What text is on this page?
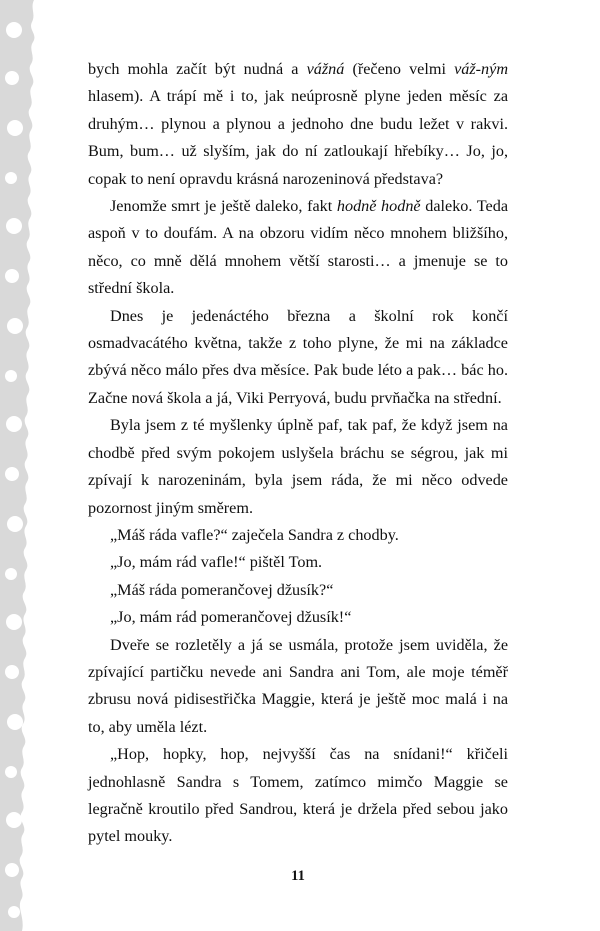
bych mohla začít být nudná a vážná (řečeno velmi váž-ným hlasem). A trápí mě i to, jak neúprosně plyne jeden měsíc za druhým… plynou a plynou a jednoho dne budu ležet v rakvi. Bum, bum… už slyším, jak do ní zatloukají hřebíky… Jo, jo, copak to není opravdu krásná narozeninová představa?

Jenomže smrt je ještě daleko, fakt hodně hodně daleko. Teda aspoň v to doufám. A na obzoru vidím něco mnohem bližšího, něco, co mně dělá mnohem větší starosti… a jmenuje se to střední škola.

Dnes je jedenáctého března a školní rok končí osmadvacátého května, takže z toho plyne, že mi na základce zbývá něco málo přes dva měsíce. Pak bude léto a pak… bác ho. Začne nová škola a já, Viki Perryová, budu prvňačka na střední.

Byla jsem z té myšlenky úplně paf, tak paf, že když jsem na chodbě před svým pokojem uslyšela bráchu se ségrou, jak mi zpívají k narozeninám, byla jsem ráda, že mi něco odvede pozornost jiným směrem.

„Máš ráda vafle?“ zaječela Sandra z chodby.

„Jo, mám rád vafle!“ pištěl Tom.

„Máš ráda pomerančovej džusík?“

„Jo, mám rád pomerančovej džusík!“

Dveře se rozletěly a já se usmála, protože jsem uviděla, že zpívající partičku nevede ani Sandra ani Tom, ale moje téměř zbrusu nová pidisestřička Maggie, která je ještě moc malá i na to, aby uměla lézt.

„Hop, hopky, hop, nejvyšší čas na snídani!“ křičeli jednohlasně Sandra s Tomem, zatímco mimčo Maggie se legračně kroutilo před Sandrou, která je držela před sebou jako pytel mouky.

11
